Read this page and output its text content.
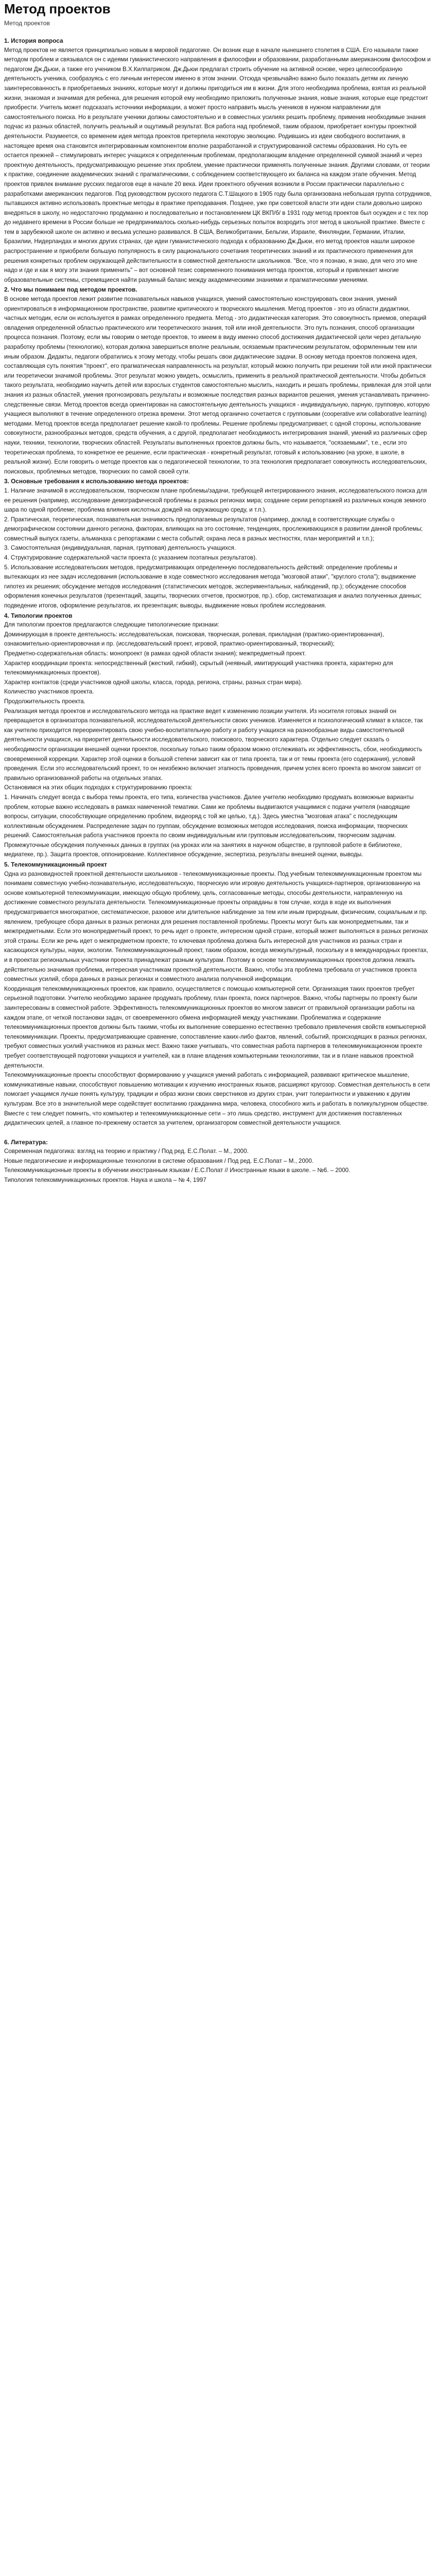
Метод проектов
Метод проектов

1. История вопроса

Метод проектов не является принципиально новым в мировой педагогике. Он возник еще в начале нынешнего столетия в США. Его называли также методом проблем и связывался он с идеями гуманистического направления в философии и образовании, разработанными американским философом и педагогом Дж.Дьюи, а также его учеником В.Х.Килпатриком. Дж.Дьюи предлагал строить обучение на активной основе, через целесообразную деятельность ученика, сообразуясь с его личным интересом именно в этом знании. Отсюда чрезвычайно важно было показать детям их личную заинтересованность в приобретаемых знаниях, которые могут и должны пригодиться им в жизни. Для этого необходима проблема, взятая из реальной жизни, знакомая и значимая для ребенка, для решения которой ему необходимо приложить полученные знания, новые знания, которые еще предстоит приобрести. Учитель может подсказать источники информации, а может просто направить мысль учеников в нужном направлении для самостоятельного поиска. Но в результате ученики должны самостоятельно и в совместных усилиях решить проблему, применив необходимые знания подчас из разных областей, получить реальный и ощутимый результат. Вся работа над проблемой, таким образом, приобретает контуры проектной деятельности. Разумеется, со временем идея метода проектов претерпела некоторую эволюцию. Родившись из идеи свободного воспитания, в настоящее время она становится интегрированным компонентом вполне разработанной и структурированной системы образования. Но суть ее остается прежней – стимулировать интерес учащихся к определенным проблемам, предполагающим владение определенной суммой знаний и через проектную деятельность, предусматривающую решение этих проблем, умение практически применять полученные знания. Другими словами, от теории к практике, соединение академических знаний с прагматическими, с соблюдением соответствующего их баланса на каждом этапе обучения. Метод проектов привлек внимание русских педагогов еще в начале 20 века. Идеи проектного обучения возникли в России практически параллельно с разработками американских педагогов. Под руководством русского педагога С.Т.Шацкого в 1905 году была организована небольшая группа сотрудников, пытавшихся активно использовать проектные методы в практике преподавания. Позднее, уже при советской власти эти идеи стали довольно широко внедряться в школу, но недостаточно продуманно и последовательно и постановлением ЦК ВКП/б/ в 1931 году метод проектов был осужден и с тех пор до недавнего времени в России больше не предпринималось сколько-нибудь серьезных попыток возродить этот метод в школьной практике. Вместе с тем в зарубежной школе он активно и весьма успешно развивался. В США, Великобритании, Бельгии, Израиле, Финляндии, Германии, Италии, Бразилии, Нидерландах и многих других странах, где идеи гуманистического подхода к образованию Дж.Дьюи, его метод проектов нашли широкое распространение и приобрели большую популярность в силу рационального сочетания теоретических знаний и их практического применения для решения конкретных проблем окружающей действительности в совместной деятельности школьников. "Все, что я познаю, я знаю, для чего это мне надо и где и как я могу эти знания применить" – вот основной тезис современного понимания метода проектов, который и привлекает многие образовательные системы, стремящиеся найти разумный баланс между академическими знаниями и прагматическими умениями.

2. Что мы понимаем под методом проектов.

В основе метода проектов лежит развитие познавательных навыков учащихся, умений самостоятельно конструировать свои знания, умений ориентироваться в информационном пространстве, развитие критического и творческого мышления. Метод проектов - это из области дидактики, частных методик, если он используется в рамках определенного предмета. Метод - это дидактическая категория. Это совокупность приемов, операций овладения определенной областью практического или теоретического знания, той или иной деятельности. Это путь познания, способ организации процесса познания. Поэтому, если мы говорим о методе проектов, то имеем в виду именно способ достижения дидактической цели через детальную разработку проблемы (технологию), которая должна завершиться вполне реальным, осязаемым практическим результатом, оформленным тем или иным образом. Дидакты, педагоги обратились к этому методу, чтобы решать свои дидактические задачи. В основу метода проектов положена идея, составляющая суть понятия "проект", его прагматическая направленность на результат, который можно получить при решении той или иной практически или теоретически значимой проблемы. Этот результат можно увидеть, осмыслить, применить в реальной практической деятельности. Чтобы добиться такого результата, необходимо научить детей или взрослых студентов самостоятельно мыслить, находить и решать проблемы, привлекая для этой цели знания из разных областей, умения прогнозировать результаты и возможные последствия разных вариантов решения, умения устанавливать причинно-следственные связи. Метод проектов всегда ориентирован на самостоятельную деятельность учащихся - индивидуальную, парную, групповую, которую учащиеся выполняют в течение определенного отрезка времени. Этот метод органично сочетается с групповыми (cooperative или collaborative learning) методами. Метод проектов всегда предполагает решение какой-то проблемы. Решение проблемы предусматривает, с одной стороны, использование совокупности, разнообразных методов, средств обучения, а с другой, предполагает необходимость интегрирования знаний, умений из различных сфер науки, техники, технологии, творческих областей. Результаты выполненных проектов должны быть, что называется, "осязаемыми", т.е., если это теоретическая проблема, то конкретное ее решение, если практическая - конкретный результат, готовый к использованию (на уроке, в школе, в реальной жизни). Если говорить о методе проектов как о педагогической технологии, то эта технология предполагает совокупность исследовательских, поисковых, проблемных методов, творческих по самой своей сути.

3. Основные требования к использованию метода проектов:

1. Наличие значимой в исследовательском, творческом плане проблемы/задачи, требующей интегрированного знания, исследовательского поиска для ее решения (например, исследование демографической проблемы в разных регионах мира; создание серии репортажей из различных концов земного шара по одной проблеме; проблема влияния кислотных дождей на окружающую среду, и т.п.).

2. Практическая, теоретическая, познавательная значимость предполагаемых результатов (например, доклад в соответствующие службы о демографическом состоянии данного региона, факторах, влияющих на это состояние, тенденциях, прослеживающихся в развитии данной проблемы; совместный выпуск газеты, альманаха с репортажами с места событий; охрана леса в разных местностях, план мероприятий и т.п.);

3. Самостоятельная (индивидуальная, парная, групповая) деятельность учащихся.

4. Структурирование содержательной части проекта (с указанием поэтапных результатов).

5. Использование исследовательских методов, предусматривающих определенную последовательность действий: определение проблемы и вытекающих из нее задач исследования (использование в ходе совместного исследования метода "мозговой атаки", "круглого стола"); выдвижение гипотез их решения; обсуждение методов исследования (статистических методов, экспериментальных, наблюдений, пр.); обсуждение способов оформления конечных результатов (презентаций, защиты, творческих отчетов, просмотров, пр.). сбор, систематизация и анализ полученных данных; подведение итогов, оформление результатов, их презентация; выводы, выдвижение новых проблем исследования.

4. Типологии проектов

Для типологии проектов предлагаются следующие типологические признаки:

Доминирующая в проекте деятельность: исследовательская, поисковая, творческая, ролевая, прикладная (практико-ориентированная), ознакомительно-ориентировочная и пр. (исследовательский проект, игровой, практико-ориентированный, творческий);

Предметно-содержательная область: монопроект (в рамках одной области знания); межпредметный проект.

Характер координации проекта: непосредственный (жесткий, гибкий), скрытый (неявный, имитирующий участника проекта, характерно для телекоммуникационных проектов).

Характер контактов (среди участников одной школы, класса, города, региона, страны, разных стран мира).

Количество участников проекта.

Продолжительность проекта.

Реализация метода проектов и исследовательского метода на практике ведет к изменению позиции учителя. Из носителя готовых знаний он превращается в организатора познавательной, исследовательской деятельности своих учеников. Изменяется и психологический климат в классе, так как учителю приходится переориентировать свою учебно-воспитательную работу и работу учащихся на разнообразные виды самостоятельной деятельности учащихся, на приоритет деятельности исследовательского, поискового, творческого характера. Отдельно следует сказать о необходимости организации внешней оценки проектов, поскольку только таким образом можно отслеживать их эффективность, сбои, необходимость своевременной коррекции. Характер этой оценки в большой степени зависит как от типа проекта, так и от темы проекта (его содержания), условий проведения. Если это исследовательский проект, то он неизбежно включает этапность проведения, причем успех всего проекта во многом зависит от правильно организованной работы на отдельных этапах.

Остановимся на этих общих подходах к структурированию проекта:

1. Начинать следует всегда с выбора темы проекта, его типа, количества участников. Далее учителю необходимо продумать возможные варианты проблем, которые важно исследовать в рамках намеченной тематики. Сами же проблемы выдвигаются учащимися с подачи учителя (наводящие вопросы, ситуации, способствующие определению проблем, видеоряд с той же целью, т.д.). Здесь уместна "мозговая атака" с последующим коллективным обсуждением. Распределение задач по группам, обсуждение возможных методов исследования, поиска информации, творческих решений. Самостоятельная работа участников проекта по своим индивидуальным или групповым исследовательским, творческим задачам. Промежуточные обсуждения полученных данных в группах (на уроках или на занятиях в научном обществе, в групповой работе в библиотеке, медиатеке, пр.). Защита проектов, оппонирование. Коллективное обсуждение, экспертиза, результаты внешней оценки, выводы.

5. Телекоммуникационный проект

Одна из разновидностей проектной деятельности школьников - телекоммуникационные проекты. Под учебным телекоммуникационным проектом мы понимаем совместную учебно-познавательную, исследовательскую, творческую или игровую деятельность учащихся-партнеров, организованную на основе компьютерной телекоммуникации, имеющую общую проблему, цель, согласованные методы, способы деятельности, направленную на достижение совместного результата деятельности. Телекоммуникационные проекты оправданы в том случае, когда в ходе их выполнения предусматривается многократное, систематическое, разовое или длительное наблюдение за тем или иным природным, физическим, социальным и пр. явлением, требующее сбора данных в разных регионах для решения поставленной проблемы. Проекты могут быть как монопредметными, так и межпредметными. Если это монопредметный проект, то речь идет о проекте, интересном одной стране, который может выполняться в разных регионах этой страны. Если же речь идет о межпредметном проекте, то ключевая проблема должна быть интересной для участников из разных стран и касающихся культуры, науки, экологии. Телекоммуникационный проект, таким образом, всегда межкультурный, поскольку и в международных проектах, и в проектах региональных участники проекта принадлежат разным культурам. Поэтому в основе телекоммуникационных проектов должна лежать действительно значимая проблема, интересная участникам проектной деятельности. Важно, чтобы эта проблема требовала от участников проекта совместных усилий, сбора данных в разных регионах и совместного анализа полученной информации.

Координация телекоммуникационных проектов, как правило, осуществляется с помощью компьютерной сети. Организация таких проектов требует серьезной подготовки. Учителю необходимо заранее продумать проблему, план проекта, поиск партнеров. Важно, чтобы партнеры по проекту были заинтересованы в совместной работе. Эффективность телекоммуникационных проектов во многом зависит от правильной организации работы на каждом этапе, от четкой постановки задач, от своевременного обмена информацией между участниками. Проблематика и содержание телекоммуникационных проектов должны быть такими, чтобы их выполнение совершенно естественно требовало привлечения свойств компьютерной телекоммуникации. Проекты, предусматривающие сравнение, сопоставление каких-либо фактов, явлений, событий, происходящих в разных регионах, требуют совместных усилий участников из разных мест. Важно также учитывать, что совместная работа партнеров в телекоммуникационном проекте требует соответствующей подготовки учащихся и учителей, как в плане владения компьютерными технологиями, так и в плане навыков проектной деятельности.

Телекоммуникационные проекты способствуют формированию у учащихся умений работать с информацией, развивают критическое мышление, коммуникативные навыки, способствуют повышению мотивации к изучению иностранных языков, расширяют кругозор. Совместная деятельность в сети помогает учащимся лучше понять культуру, традиции и образ жизни своих сверстников из других стран, учит толерантности и уважению к другим культурам. Все это в значительной мере содействует воспитанию гражданина мира, человека, способного жить и работать в поликультурном обществе. Вместе с тем следует помнить, что компьютер и телекоммуникационные сети – это лишь средство, инструмент для достижения поставленных дидактических целей, а главное по-прежнему остается за учителем, организатором совместной деятельности учащихся.

6. Литература:
Современная педагогика: взгляд на теорию и практику / Под ред. Е.С.Полат. – М., 2000.
Новые педагогические и информационные технологии в системе образования / Под ред. Е.С.Полат – М., 2000.
Телекоммуникационные проекты в обучении иностранным языкам / Е.С.Полат // Иностранные языки в школе. – №6. – 2000.
Типология телекоммуникационных проектов. Наука и школа – № 4, 1997
